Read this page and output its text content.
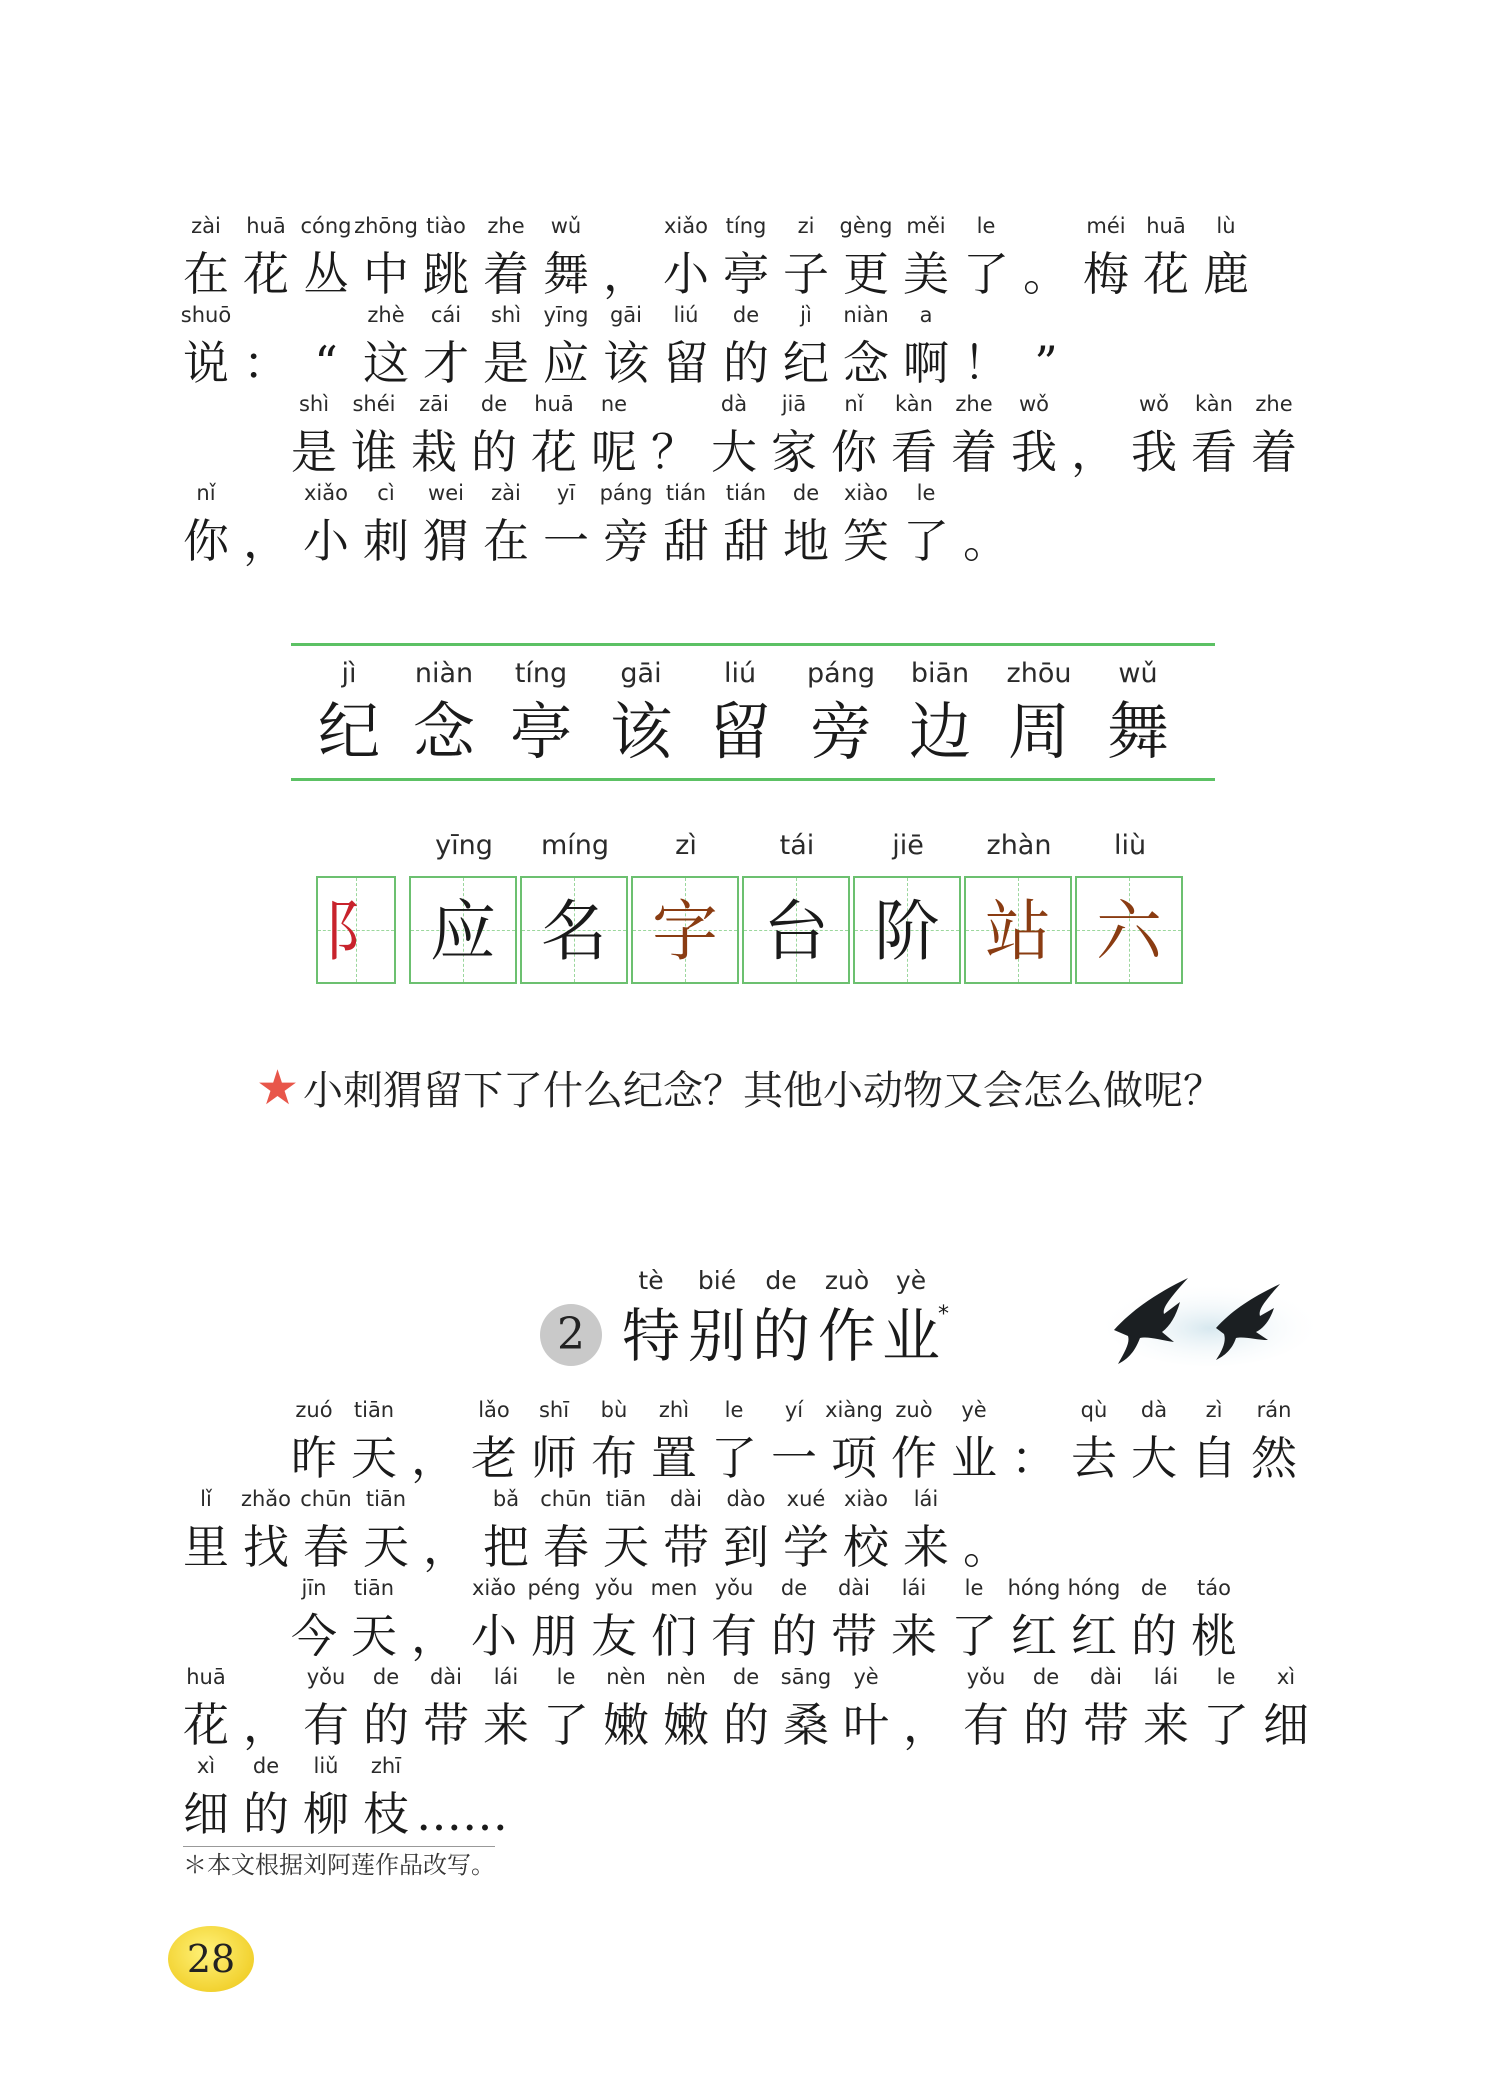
zài
在
huā
花
cóng
丛
zhōng
中
tiào
跳
zhe
着
wǔ
舞 ，
xiǎo
小
tíng
亭
zi
子
gèng
更
měi
美
le
了 。
méi
梅
huā
花
lù
鹿
shuō
说 ： “
zhè
这
cái
才
shì
是
yīng
应
gāi
该
liú
留
de
的
jì
纪
niàn
念
a
啊 ！ ”
shì
是
shéi
谁
zāi
栽
de
的
huā
花
ne
呢 ？
dà
大
jiā
家
nǐ
你
kàn
看
zhe
着
wǒ
我 ，
wǒ
我
kàn
看
zhe
着
nǐ
你 ，
xiǎo
小
cì
刺
wei
猬
zài
在
yī
一
páng
旁
tián
甜
tián
甜
de
地
xiào
笑
le
了 。
jì
纪
niàn
念
tíng
亭
gāi
该
liú
留
páng
旁
biān
边
zhōu
周
wǔ
舞
阝
yīng
应
míng
名
zì
字
tái
台
jiē
阶
zhàn
站
liù
六
★ 小刺猬留下了什么纪念？其他小动物又会怎么做呢？
2	*
tè
特
bié
别
de
的
zuò
作
yè
业
＊本文根据刘阿莲作品改写。
28
zuó
昨
tiān
天 ，
lǎo
老
shī
师
bù
布
zhì
置
le
了
yí
一
xiàng
项
zuò
作
yè
业 ：
qù
去
dà
大
zì
自
rán
然
lǐ
里
zhǎo
找
chūn
春
tiān
天 ，
bǎ
把
chūn
春
tiān
天
dài
带
dào
到
xué
学
xiào
校
lái
来 。
jīn
今
tiān
天 ，
xiǎo
小
péng
朋
yǒu
友
men
们
yǒu
有
de
的
dài
带
lái
来
le
了
hóng
红
hóng
红
de
的
táo
桃
huā
花 ，
yǒu
有
de
的
dài
带
lái
来
le
了
nèn
嫩
nèn
嫩
de
的
sāng
桑
yè
叶 ，
yǒu
有
de
的
dài
带
lái
来
le
了
xì
细
xì
细
de
的
liǔ
柳
zhī
枝 ……
